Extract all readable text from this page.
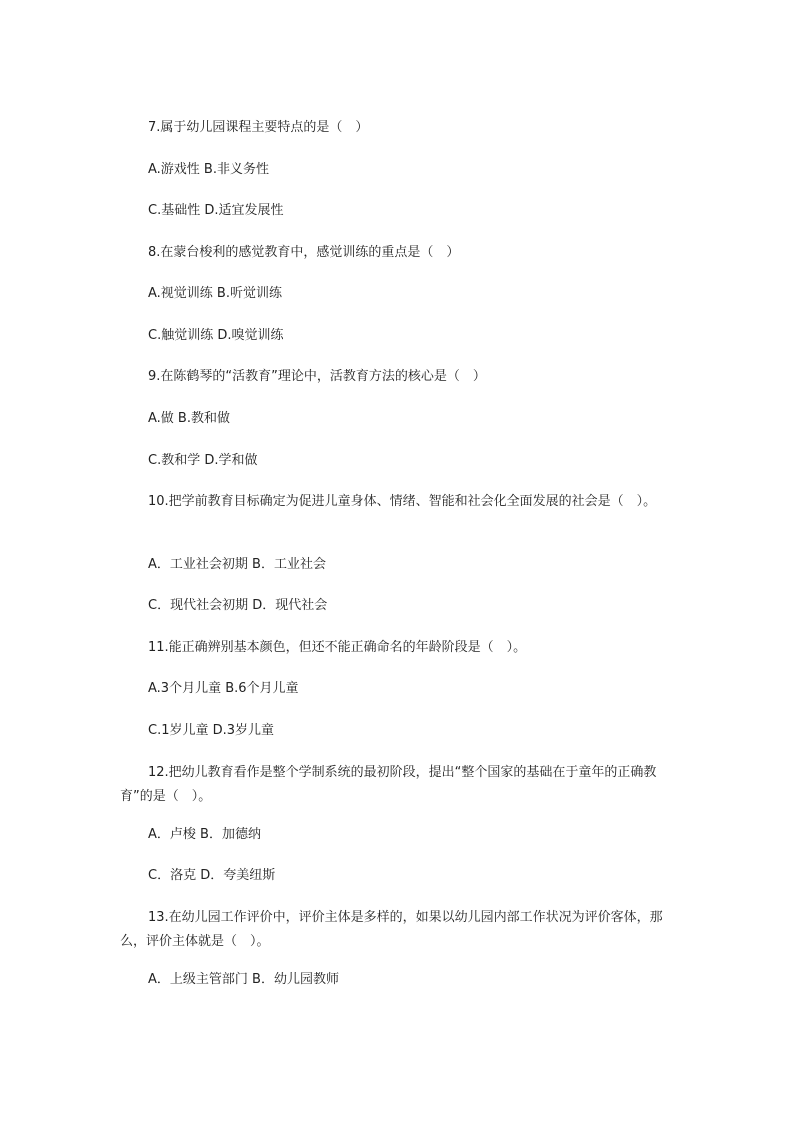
7.属于幼儿园课程主要特点的是（　）
A.游戏性 B.非义务性
C.基础性 D.适宜发展性
8.在蒙台梭利的感觉教育中，感觉训练的重点是（　）
A.视觉训练 B.听觉训练
C.触觉训练 D.嗅觉训练
9.在陈鹤琴的“活教育”理论中，活教育方法的核心是（　）
A.做 B.教和做
C.教和学 D.学和做
10.把学前教育目标确定为促进儿童身体、情绪、智能和社会化全面发展的社会是（　）。
A．工业社会初期 B．工业社会
C．现代社会初期 D．现代社会
11.能正确辨别基本颜色，但还不能正确命名的年龄阶段是（　）。
A.3个月儿童 B.6个月儿童
C.1岁儿童 D.3岁儿童
12.把幼儿教育看作是整个学制系统的最初阶段，提出“整个国家的基础在于童年的正确教育”的是（　）。
A．卢梭 B．加德纳
C．洛克 D．夸美纽斯
13.在幼儿园工作评价中，评价主体是多样的，如果以幼儿园内部工作状况为评价客体，那么，评价主体就是（　）。
A．上级主管部门 B．幼儿园教师
